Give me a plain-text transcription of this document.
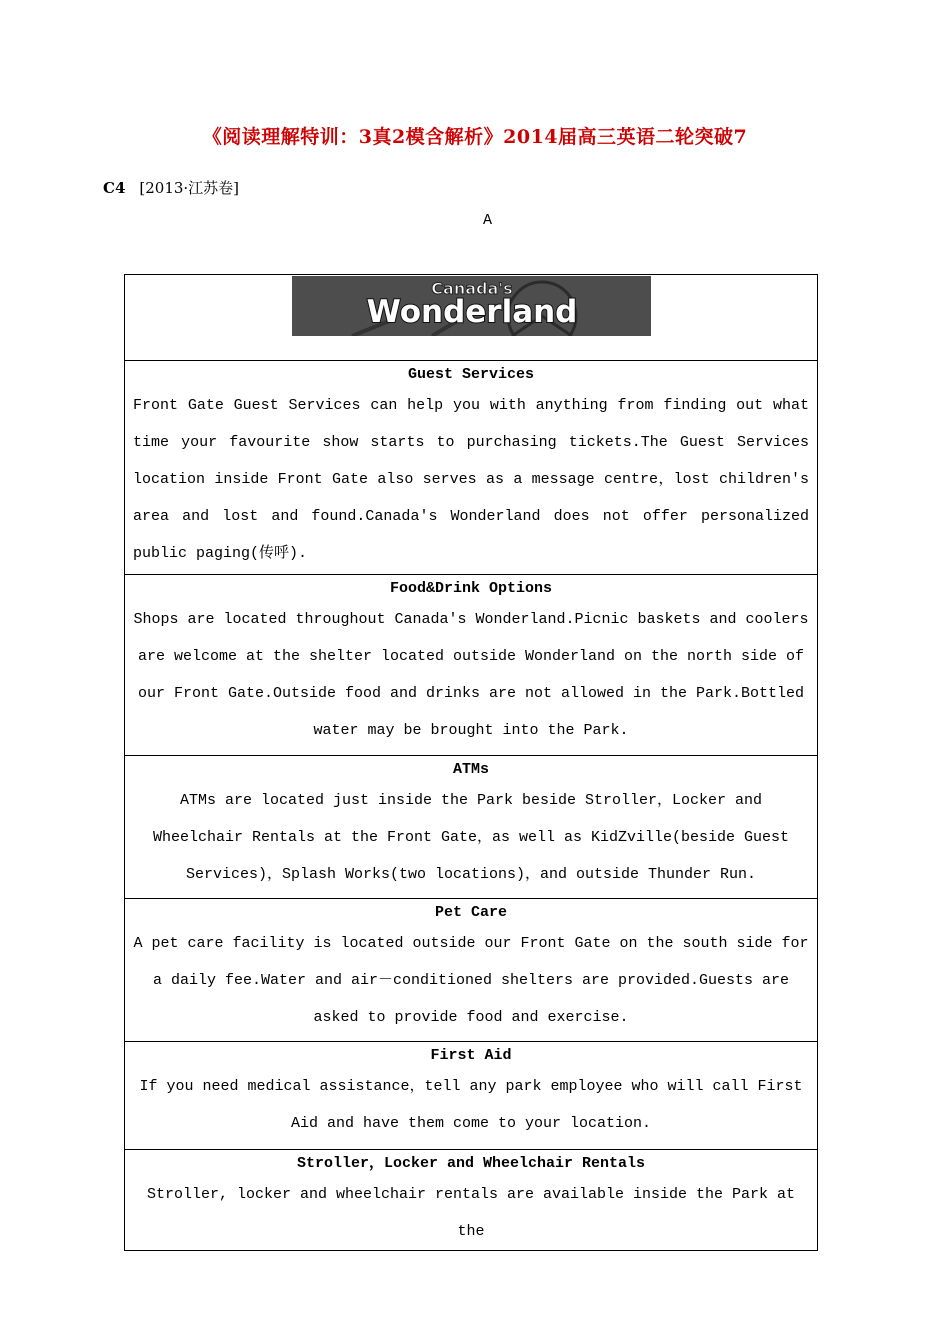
《阅读理解特训：3真2模含解析》2014届高三英语二轮突破7
C4 [2013·江苏卷]
A
Canada's
Wonderland

Guest Services
Front Gate Guest Services can help you with anything from finding out what time your favourite show starts to purchasing tickets.The Guest Services location inside Front Gate also serves as a message centre，lost children's area and lost and found.Canada's Wonderland does not offer personalized public paging(传呼).

Food&Drink Options
Shops are located throughout Canada's Wonderland.Picnic baskets and coolers are welcome at the shelter located outside Wonderland on the north side of our Front Gate.Outside food and drinks are not allowed in the Park.Bottled water may be brought into the Park.

ATMs
ATMs are located just inside the Park beside Stroller，Locker and Wheelchair Rentals at the Front Gate，as well as KidZville(beside Guest Services)，Splash Works(two locations)，and outside Thunder Run.

Pet Care
A pet care facility is located outside our Front Gate on the south side for a daily fee.Water and air－conditioned shelters are provided.Guests are asked to provide food and exercise.

First Aid
If you need medical assistance，tell any park employee who will call First Aid and have them come to your location.

Stroller，Locker and Wheelchair Rentals
Stroller, locker and wheelchair rentals are available inside the Park at the
